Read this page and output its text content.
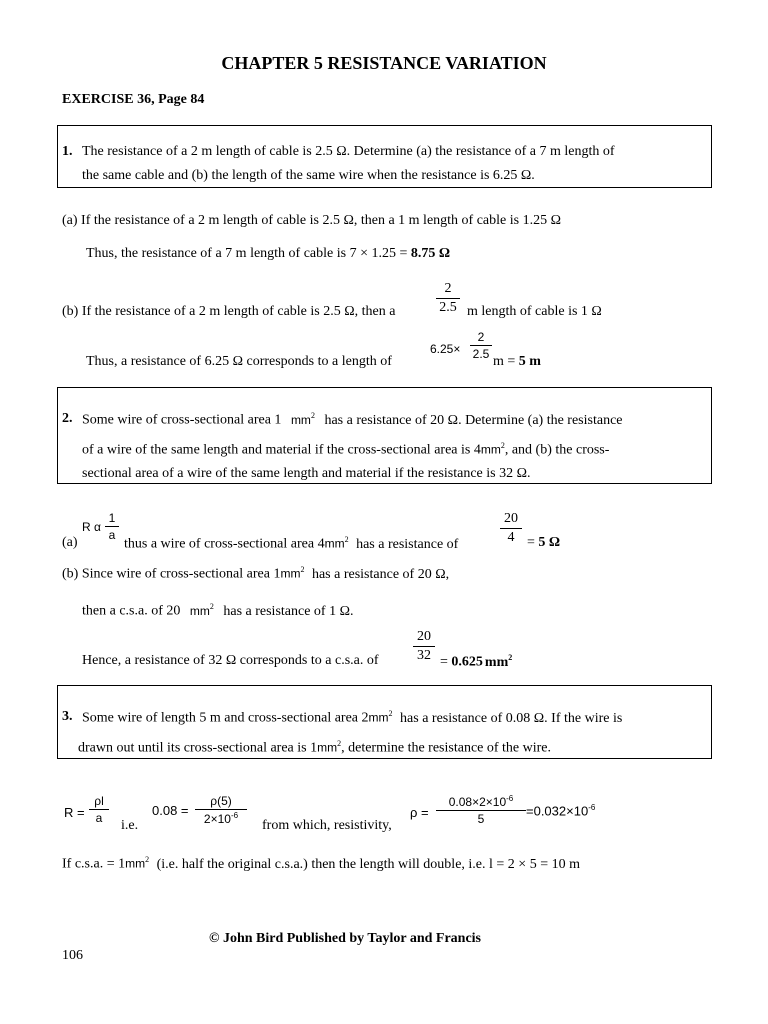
CHAPTER 5 RESISTANCE VARIATION
EXERCISE 36, Page 84
1. The resistance of a 2 m length of cable is 2.5 Ω. Determine (a) the resistance of a 7 m length of
the same cable and (b) the length of the same wire when the resistance is 6.25 Ω.
(a) If the resistance of a 2 m length of cable is 2.5 Ω, then a 1 m length of cable is 1.25 Ω
Thus, the resistance of a 7 m length of cable is 7 × 1.25 = 8.75 Ω
(b) If the resistance of a 2 m length of cable is 2.5 Ω, then a	$\frac{2}{2.5}$ m length of cable is 1 Ω
Thus, a resistance of 6.25 Ω corresponds to a length of
$6.25\times \frac{2}{2.5}$
m = 5 m
2. Some wire of cross-sectional area 1 $mm^2$ has a resistance of 20 Ω. Determine (a) the resistance
of a wire of the same length and material if the cross-sectional area is $4mm^2$, and (b) the cross-
sectional area of a wire of the same length and material if the resistance is 32 Ω.
R α $\frac{1}{a}$
(a)	thus a wire of cross-sectional area $4mm^2$ has a resistance of	$\frac{20}{4} = 5$ Ω
(b) Since wire of cross-sectional area $1mm^2$ has a resistance of 20 Ω,
then a c.s.a. of 20 $mm^2$ has a resistance of 1 Ω.
Hence, a resistance of 32 Ω corresponds to a c.s.a. of $\frac{20}{32} = 0.625$ $mm^2$
3. Some wire of length 5 m and cross-sectional area $2mm^2$ has a resistance of 0.08 Ω. If the wire is
drawn out until its cross-sectional area is $1mm^2$, determine the resistance of the wire.
$R = \frac{\rho l}{a}$
i.e.
$0.08 = \frac{\rho(5)}{2\times 10^{-6}}$
from which, resistivity,
$\rho = \frac{0.08\times 2\times 10^{-6}}{5} =0.032\times 10^{-6}$
If c.s.a. = $1mm^2$ (i.e. half the original c.s.a.) then the length will double, i.e. l = 2 × 5 = 10 m
© John Bird Published by Taylor and Francis
106
